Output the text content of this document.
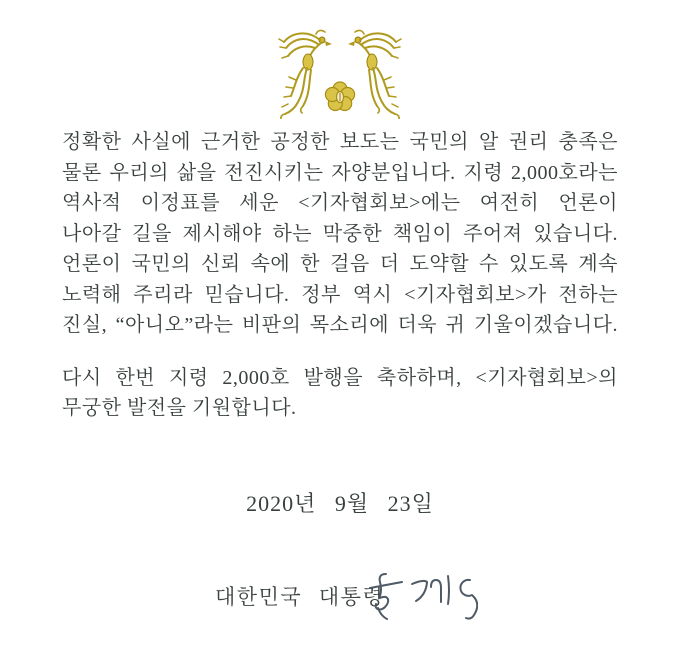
정확한 사실에 근거한 공정한 보도는 국민의 알 권리 충족은
물론 우리의 삶을 전진시키는 자양분입니다. 지령 2,000호라는
역사적 이정표를 세운 <기자협회보>에는 여전히 언론이
나아갈 길을 제시해야 하는 막중한 책임이 주어져 있습니다.
언론이 국민의 신뢰 속에 한 걸음 더 도약할 수 있도록 계속
노력해 주리라 믿습니다. 정부 역시 <기자협회보>가 전하는
진실, “아니오”라는 비판의 목소리에 더욱 귀 기울이겠습니다.
다시 한번 지령 2,000호 발행을 축하하며, <기자협회보>의
무궁한 발전을 기원합니다.
2020년 9월 23일
대한민국 대통령
